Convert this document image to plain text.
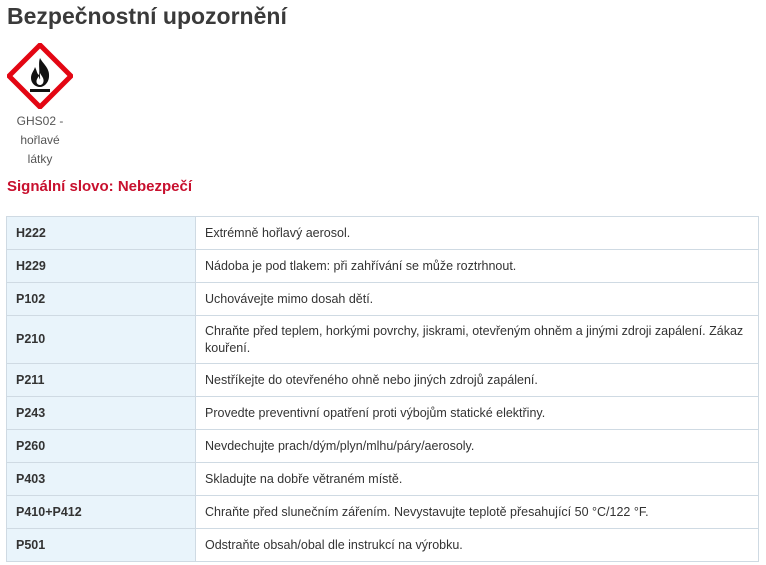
Bezpečnostní upozornění
GHS02 - hořlavé látky
Signální slovo: Nebezpečí
H222	Extrémně hořlavý aerosol.
H229	Nádoba je pod tlakem: při zahřívání se může roztrhnout.
P102	Uchovávejte mimo dosah dětí.
P210	Chraňte před teplem, horkými povrchy, jiskrami, otevřeným ohněm a jinými zdroji zapálení. Zákaz kouření.
P211	Nestříkejte do otevřeného ohně nebo jiných zdrojů zapálení.
P243	Provedte preventivní opatření proti výbojům statické elektřiny.
P260	Nevdechujte prach/dým/plyn/mlhu/páry/aerosoly.
P403	Skladujte na dobře větraném místě.
P410+P412	Chraňte před slunečním zářením. Nevystavujte teplotě přesahující 50 °C/122 °F.
P501	Odstraňte obsah/obal dle instrukcí na výrobku.
